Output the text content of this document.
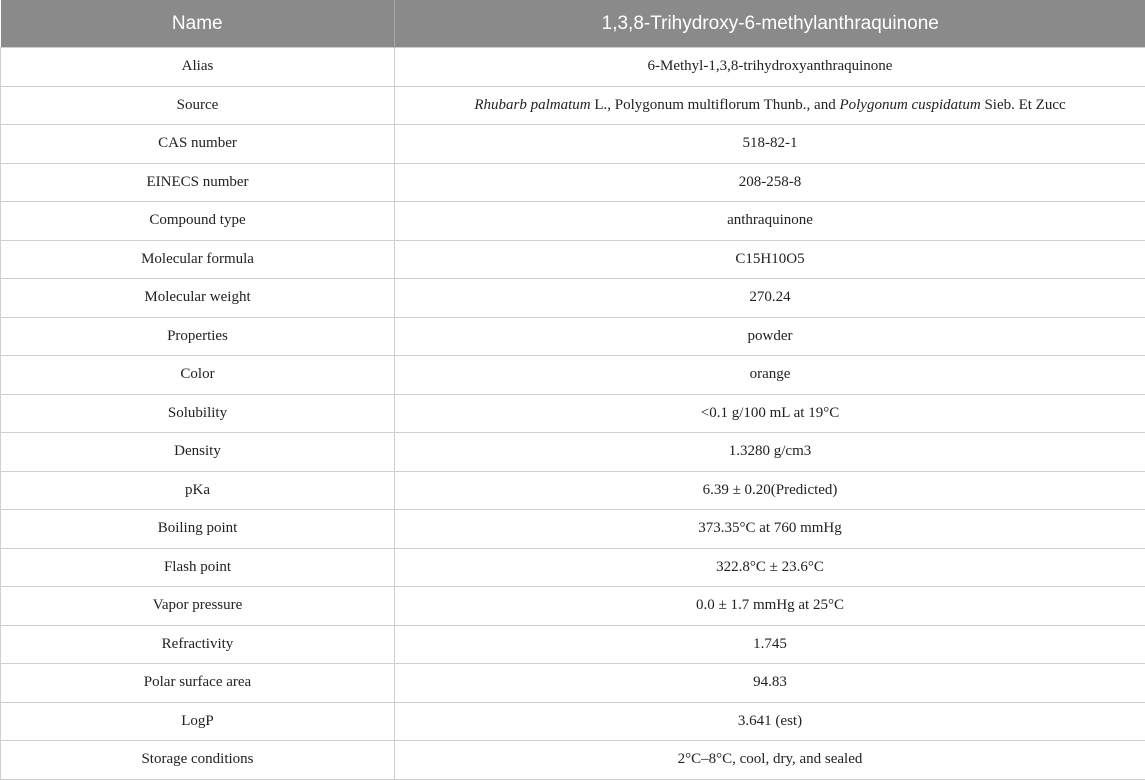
Name	1,3,8-Trihydroxy-6-methylanthraquinone
Alias	6-Methyl-1,3,8-trihydroxyanthraquinone
Source	Rhubarb palmatum L., Polygonum multiflorum Thunb., and Polygonum cuspidatum Sieb. Et Zucc
CAS number	518-82-1
EINECS number	208-258-8
Compound type	anthraquinone
Molecular formula	C15H10O5
Molecular weight	270.24
Properties	powder
Color	orange
Solubility	<0.1 g/100 mL at 19°C
Density	1.3280 g/cm3
pKa	6.39 ± 0.20(Predicted)
Boiling point	373.35°C at 760 mmHg
Flash point	322.8°C ± 23.6°C
Vapor pressure	0.0 ± 1.7 mmHg at 25°C
Refractivity	1.745
Polar surface area	94.83
LogP	3.641 (est)
Storage conditions	2°C–8°C, cool, dry, and sealed
